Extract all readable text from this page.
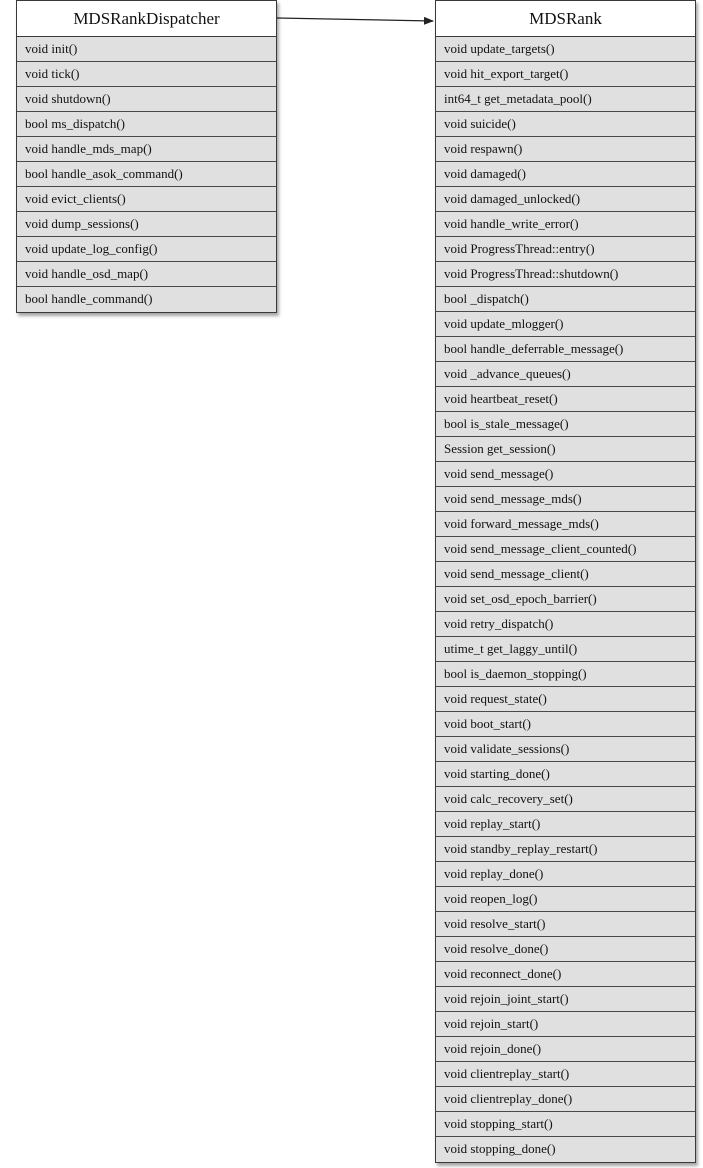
MDSRankDispatcher
void init()
void tick()
void shutdown()
bool ms_dispatch()
void handle_mds_map()
bool handle_asok_command()
void evict_clients()
void dump_sessions()
void update_log_config()
void handle_osd_map()
bool handle_command()
MDSRank
void update_targets()
void hit_export_target()
int64_t get_metadata_pool()
void suicide()
void respawn()
void damaged()
void damaged_unlocked()
void handle_write_error()
void ProgressThread::entry()
void ProgressThread::shutdown()
bool _dispatch()
void update_mlogger()
bool handle_deferrable_message()
void _advance_queues()
void heartbeat_reset()
bool is_stale_message()
Session get_session()
void send_message()
void send_message_mds()
void forward_message_mds()
void send_message_client_counted()
void send_message_client()
void set_osd_epoch_barrier()
void retry_dispatch()
utime_t get_laggy_until()
bool is_daemon_stopping()
void request_state()
void boot_start()
void validate_sessions()
void starting_done()
void calc_recovery_set()
void replay_start()
void standby_replay_restart()
void replay_done()
void reopen_log()
void resolve_start()
void resolve_done()
void reconnect_done()
void rejoin_joint_start()
void rejoin_start()
void rejoin_done()
void clientreplay_start()
void clientreplay_done()
void stopping_start()
void stopping_done()
